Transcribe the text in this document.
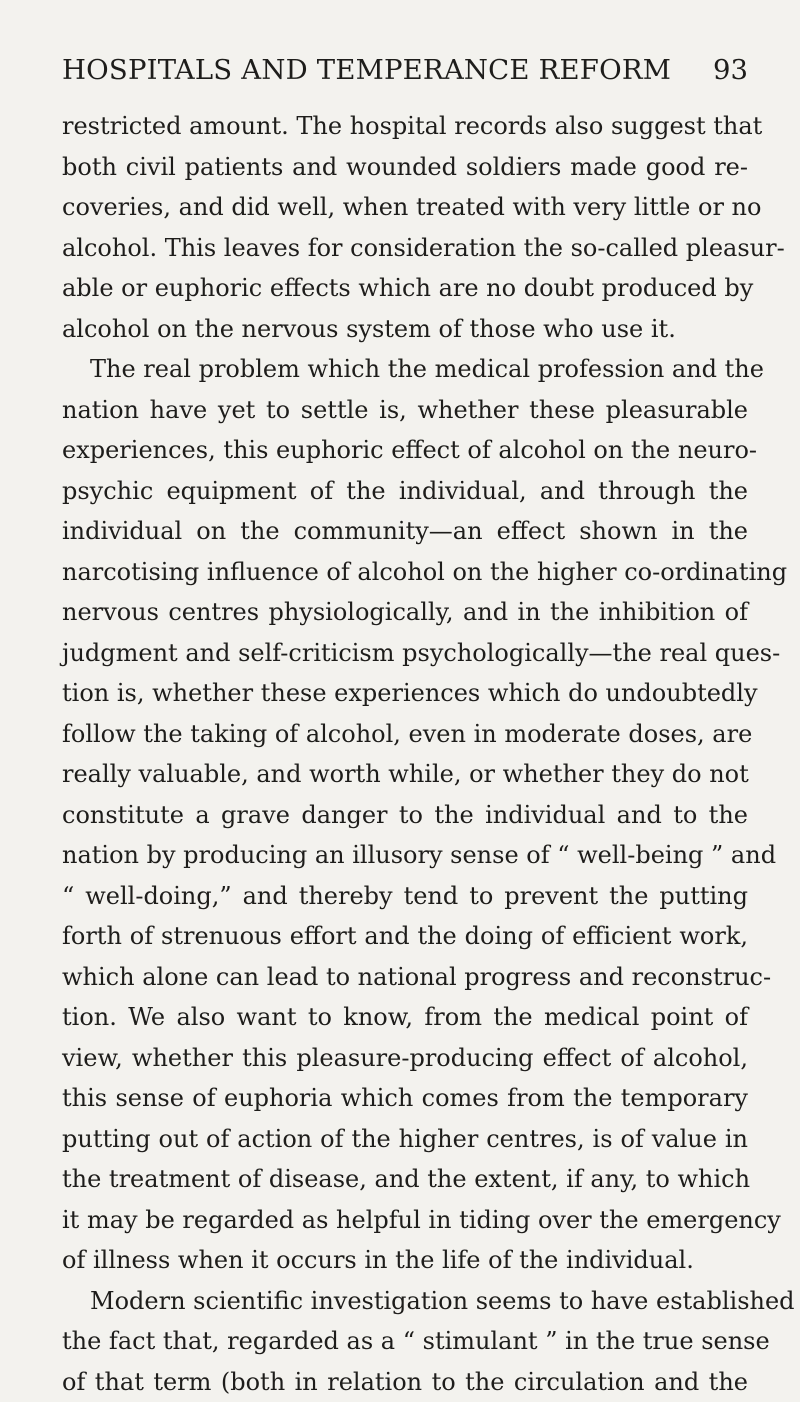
HOSPITALS AND TEMPERANCE REFORM 93
restricted amount. The hospital records also suggest that
both civil patients and wounded soldiers made good re-
coveries, and did well, when treated with very little or no
alcohol. This leaves for consideration the so-called pleasur-
able or euphoric effects which are no doubt produced by
alcohol on the nervous system of those who use it.
The real problem which the medical profession and the
nation have yet to settle is, whether these pleasurable
experiences, this euphoric effect of alcohol on the neuro-
psychic equipment of the individual, and through the
individual on the community—an effect shown in the
narcotising influence of alcohol on the higher co-ordinating
nervous centres physiologically, and in the inhibition of
judgment and self-criticism psychologically—the real ques-
tion is, whether these experiences which do undoubtedly
follow the taking of alcohol, even in moderate doses, are
really valuable, and worth while, or whether they do not
constitute a grave danger to the individual and to the
nation by producing an illusory sense of “ well-being ” and
“ well-doing,” and thereby tend to prevent the putting
forth of strenuous effort and the doing of efficient work,
which alone can lead to national progress and reconstruc-
tion. We also want to know, from the medical point of
view, whether this pleasure-producing effect of alcohol,
this sense of euphoria which comes from the temporary
putting out of action of the higher centres, is of value in
the treatment of disease, and the extent, if any, to which
it may be regarded as helpful in tiding over the emergency
of illness when it occurs in the life of the individual.
Modern scientific investigation seems to have established
the fact that, regarded as a “ stimulant ” in the true sense
of that term (both in relation to the circulation and the
